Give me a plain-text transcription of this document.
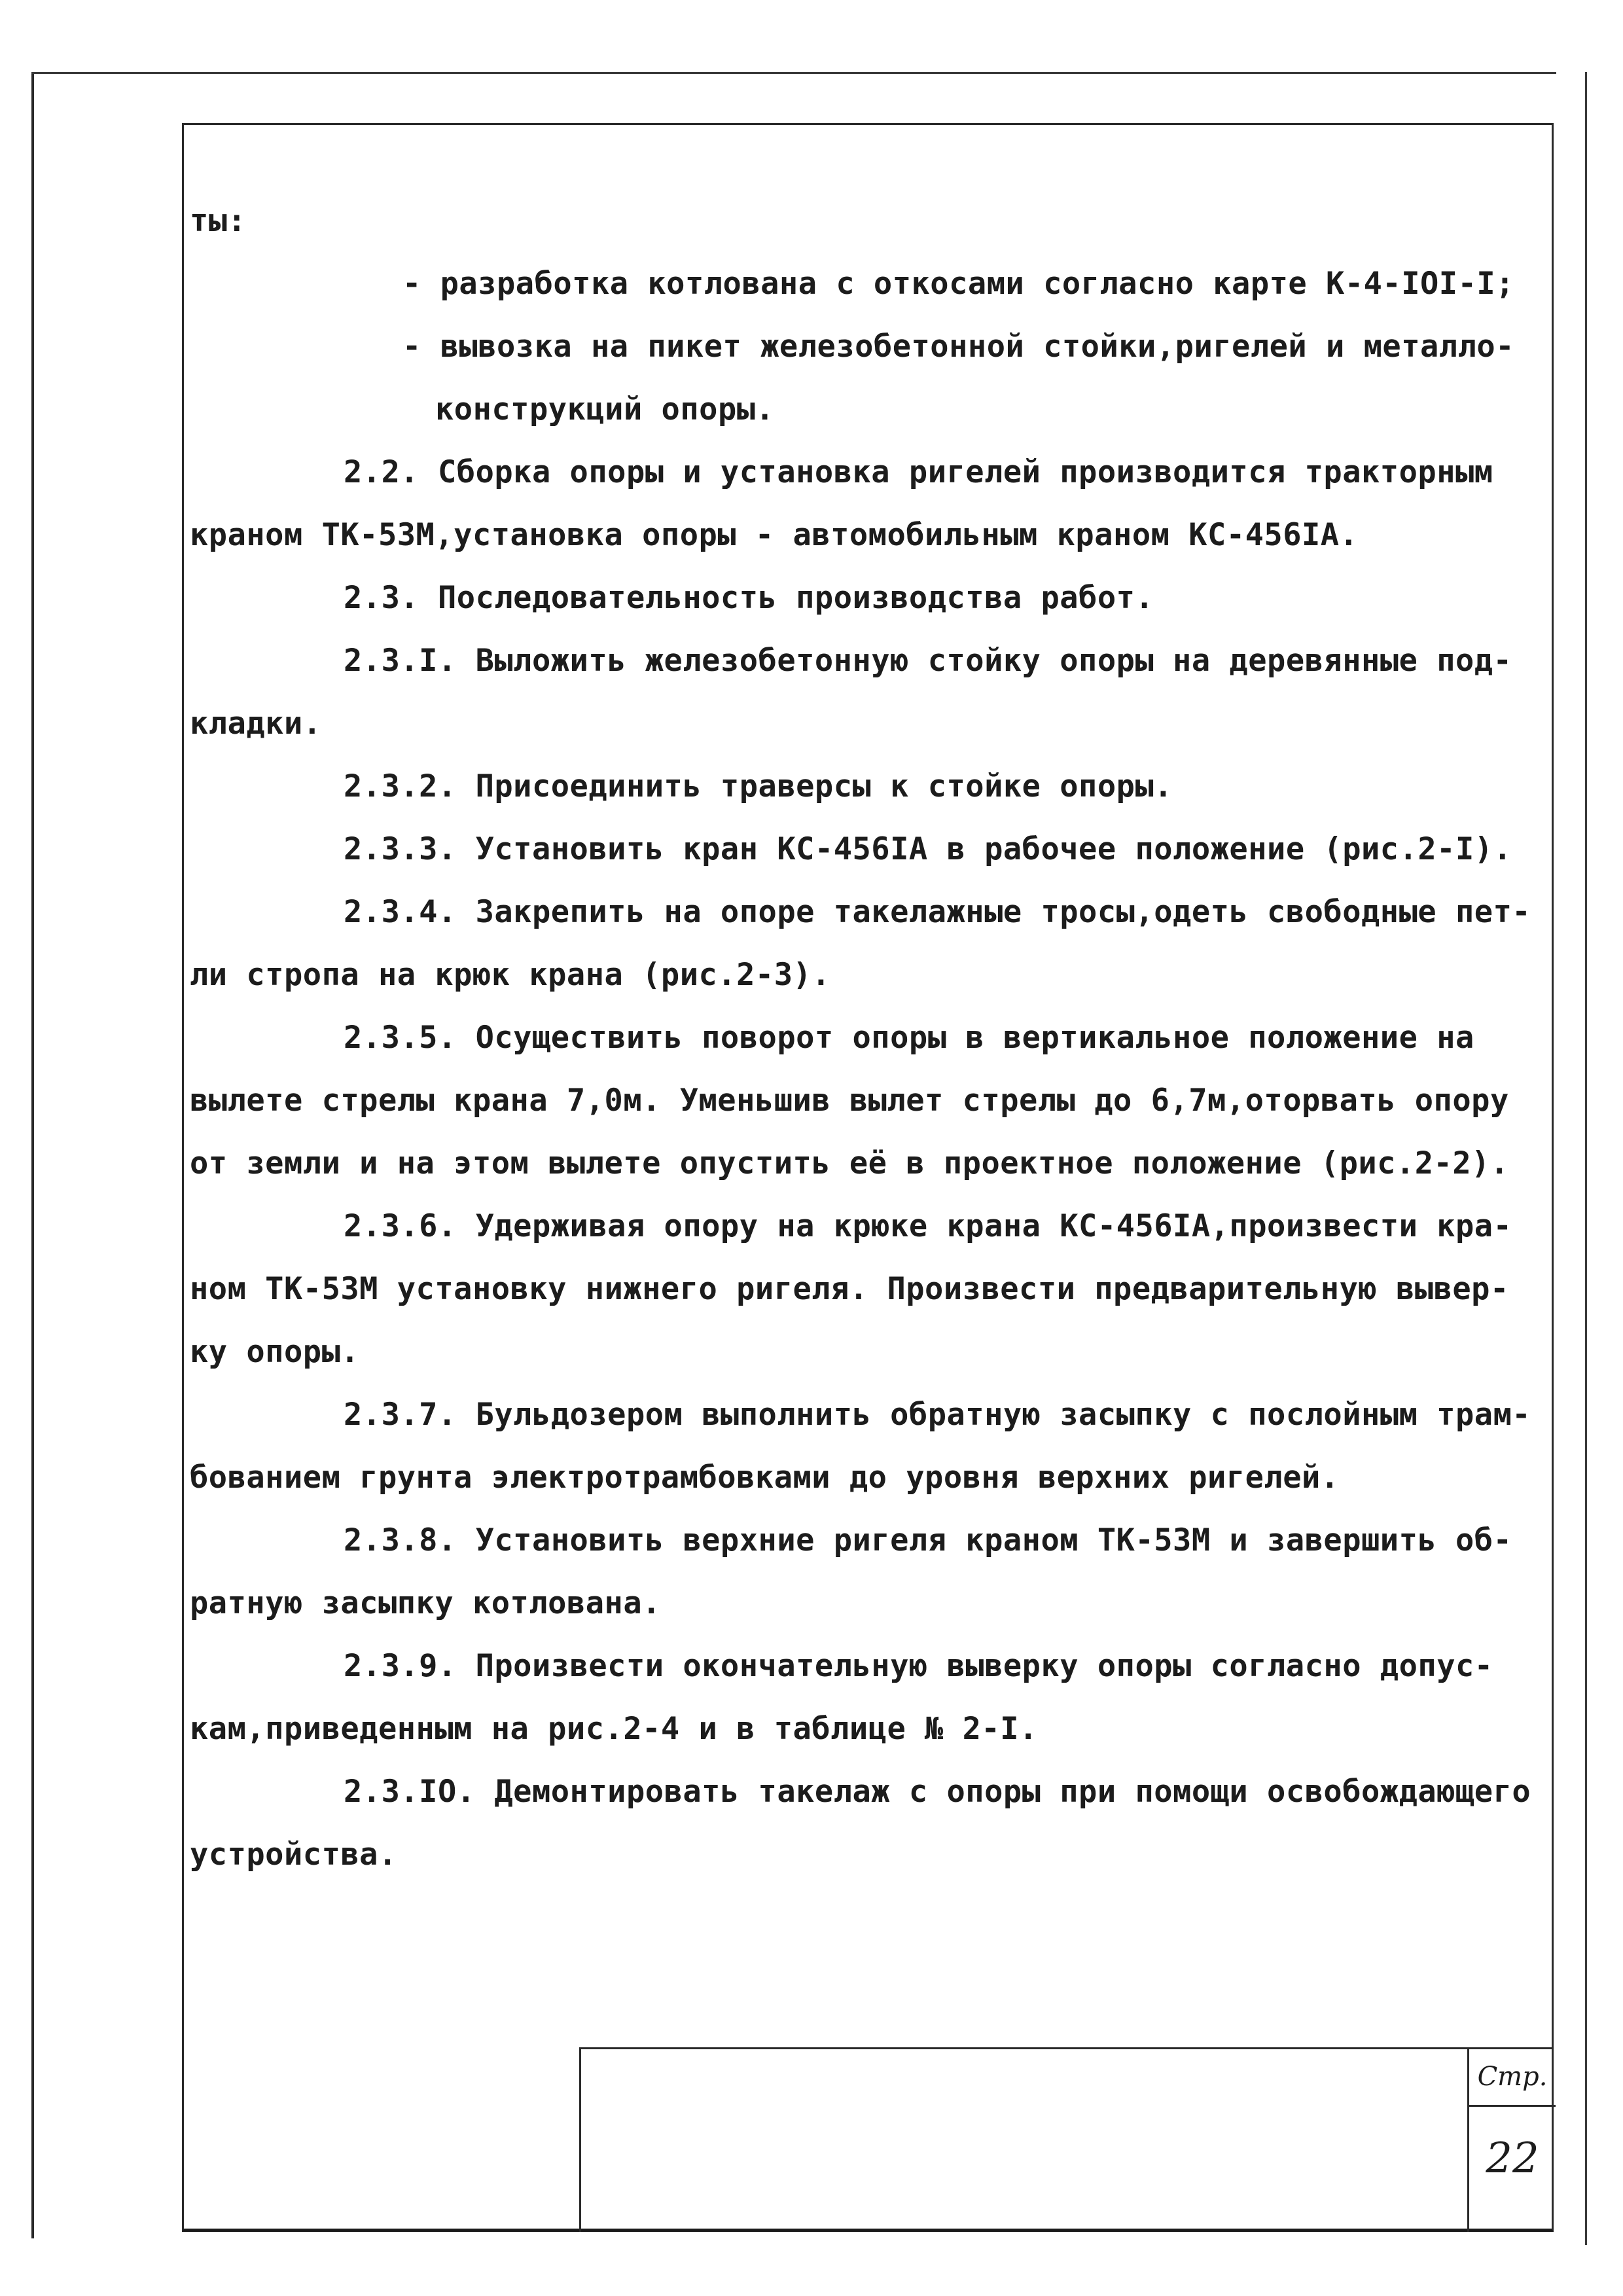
ты:

- разработка котлована с откосами согласно карте К-4-IOI-I;

- вывозка на пикет железобетонной стойки,ригелей и металло-

конструкций опоры.

2.2. Сборка опоры и установка ригелей производится тракторным

краном ТК-53М,установка опоры - автомобильным краном КС-456IA.

2.3. Последовательность производства работ.

2.3.I. Выложить железобетонную стойку опоры на деревянные под-

кладки.

2.3.2. Присоединить траверсы к стойке опоры.

2.3.3. Установить кран КС-456IA в рабочее положение (рис.2-I).

2.3.4. Закрепить на опоре такелажные тросы,одеть свободные пет-

ли стропа на крюк крана (рис.2-3).

2.3.5. Осуществить поворот опоры в вертикальное положение на

вылете стрелы крана 7,0м. Уменьшив вылет стрелы до 6,7м,оторвать опору

от земли и на этом вылете опустить её в проектное положение (рис.2-2).

2.3.6. Удерживая опору на крюке крана КС-456IA,произвести кра-

ном ТК-53М установку нижнего ригеля. Произвести предварительную вывер-

ку опоры.

2.3.7. Бульдозером выполнить обратную засыпку с послойным трам-

бованием грунта электротрамбовками до уровня верхних ригелей.

2.3.8. Установить верхние ригеля краном ТК-53М и завершить об-

ратную засыпку котлована.

2.3.9. Произвести окончательную выверку опоры согласно допус-

кам,приведенным на рис.2-4 и в таблице № 2-I.

2.3.IO. Демонтировать такелаж с опоры при помощи освобождающего

устройства.

Стр.
22
